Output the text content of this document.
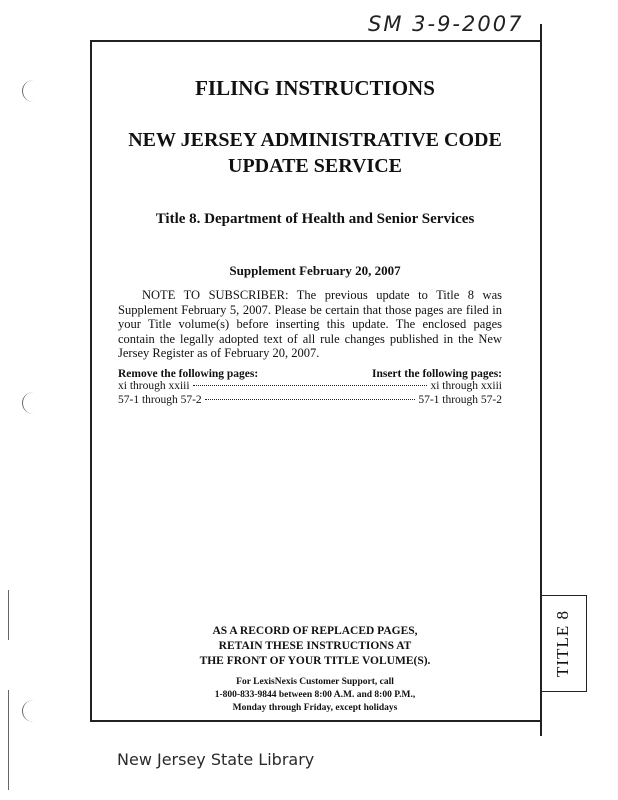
SM 3-9-2007
TITLE 8
FILING INSTRUCTIONS
NEW JERSEY ADMINISTRATIVE CODE
UPDATE SERVICE
Title 8. Department of Health and Senior Services
Supplement February 20, 2007
NOTE TO SUBSCRIBER: The previous update to Title 8 was Supplement February 5, 2007. Please be certain that those pages are filed in your Title volume(s) before inserting this update. The enclosed pages contain the legally adopted text of all rule changes published in the New Jersey Register as of February 20, 2007.
Remove the following pages:	Insert the following pages:
xi through xxiii	xi through xxiii
57-1 through 57-2	57-1 through 57-2
AS A RECORD OF REPLACED PAGES,
RETAIN THESE INSTRUCTIONS AT
THE FRONT OF YOUR TITLE VOLUME(S).
For LexisNexis Customer Support, call
1-800-833-9844 between 8:00 A.M. and 8:00 P.M.,
Monday through Friday, except holidays
New Jersey State Library
